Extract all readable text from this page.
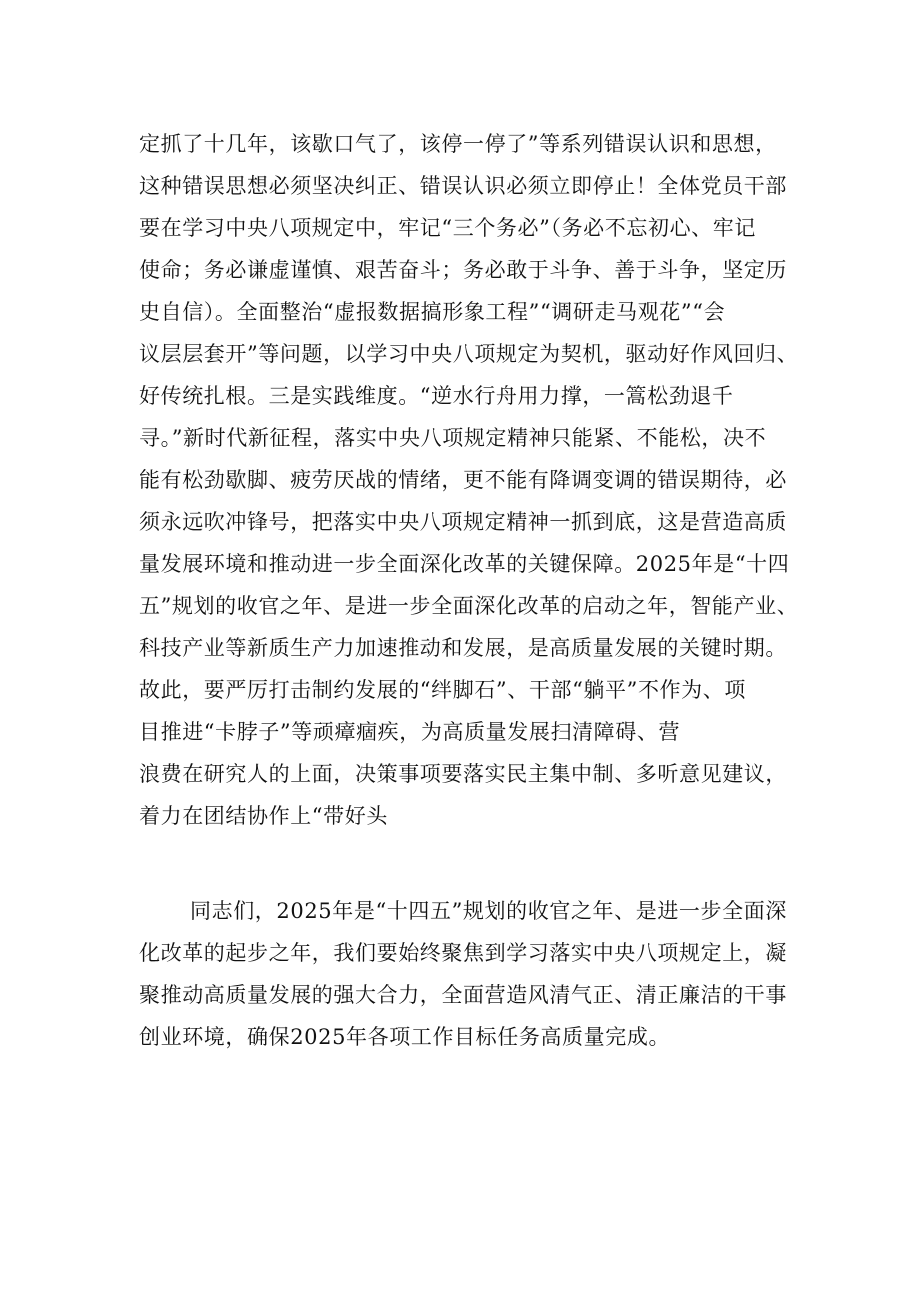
定抓了十几年，该歇口气了，该停一停了”等系列错误认识和思想，

这种错误思想必须坚决纠正、错误认识必须立即停止！全体党员干部

要在学习中央八项规定中，牢记“三个务必”（务必不忘初心、牢记

使命；务必谦虚谨慎、艰苦奋斗；务必敢于斗争、善于斗争，坚定历

史自信）。全面整治“虚报数据搞形象工程”“调研走马观花”“会

议层层套开”等问题，以学习中央八项规定为契机，驱动好作风回归、

好传统扎根。三是实践维度。“逆水行舟用力撑，一篙松劲退千

寻。”新时代新征程，落实中央八项规定精神只能紧、不能松，决不

能有松劲歇脚、疲劳厌战的情绪，更不能有降调变调的错误期待，必

须永远吹冲锋号，把落实中央八项规定精神一抓到底，这是营造高质

量发展环境和推动进一步全面深化改革的关键保障。2025年是“十四

五”规划的收官之年、是进一步全面深化改革的启动之年，智能产业、

科技产业等新质生产力加速推动和发展，是高质量发展的关键时期。

故此，要严厉打击制约发展的“绊脚石”、干部“躺平”不作为、项

目推进“卡脖子”等顽瘴痼疾，为高质量发展扫清障碍、营

浪费在研究人的上面，决策事项要落实民主集中制、多听意见建议，

着力在团结协作上“带好头

同志们，2025年是“十四五”规划的收官之年、是进一步全面深

化改革的起步之年，我们要始终聚焦到学习落实中央八项规定上，凝

聚推动高质量发展的强大合力，全面营造风清气正、清正廉洁的干事

创业环境，确保2025年各项工作目标任务高质量完成。
